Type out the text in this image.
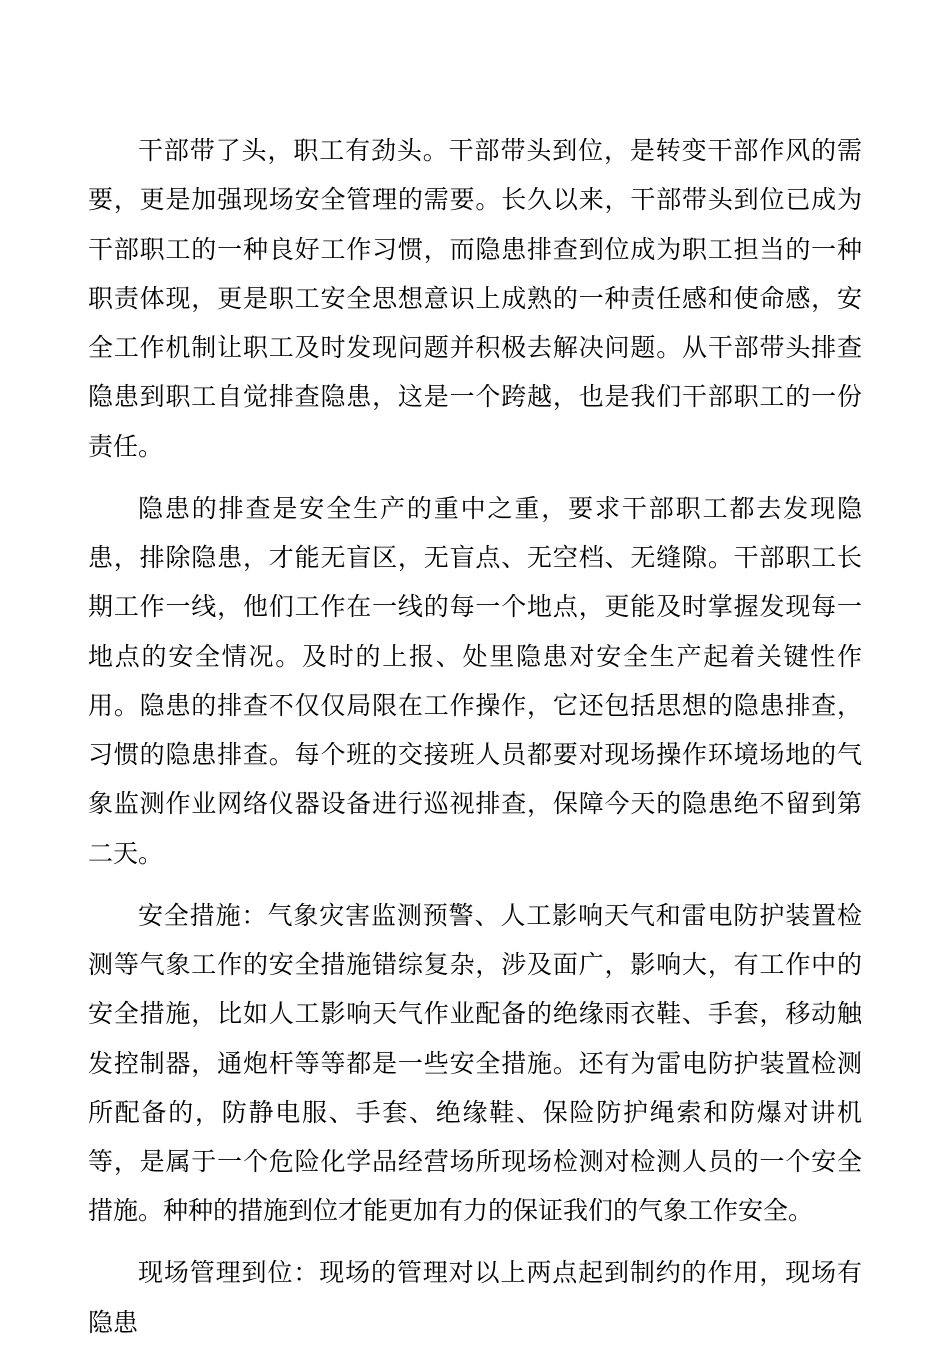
干部带了头，职工有劲头。干部带头到位，是转变干部作风的需要，更是加强现场安全管理的需要。长久以来，干部带头到位已成为干部职工的一种良好工作习惯，而隐患排查到位成为职工担当的一种职责体现，更是职工安全思想意识上成熟的一种责任感和使命感，安全工作机制让职工及时发现问题并积极去解决问题。从干部带头排查隐患到职工自觉排查隐患，这是一个跨越，也是我们干部职工的一份责任。

隐患的排查是安全生产的重中之重，要求干部职工都去发现隐患，排除隐患，才能无盲区，无盲点、无空档、无缝隙。干部职工长期工作一线，他们工作在一线的每一个地点，更能及时掌握发现每一地点的安全情况。及时的上报、处里隐患对安全生产起着关键性作用。隐患的排查不仅仅局限在工作操作，它还包括思想的隐患排查，习惯的隐患排查。每个班的交接班人员都要对现场操作环境场地的气象监测作业网络仪器设备进行巡视排查，保障今天的隐患绝不留到第二天。

安全措施：气象灾害监测预警、人工影响天气和雷电防护装置检测等气象工作的安全措施错综复杂，涉及面广，影响大，有工作中的安全措施，比如人工影响天气作业配备的绝缘雨衣鞋、手套，移动触发控制器，通炮杆等等都是一些安全措施。还有为雷电防护装置检测所配备的，防静电服、手套、绝缘鞋、保险防护绳索和防爆对讲机等，是属于一个危险化学品经营场所现场检测对检测人员的一个安全措施。种种的措施到位才能更加有力的保证我们的气象工作安全。

现场管理到位：现场的管理对以上两点起到制约的作用，现场有隐患
